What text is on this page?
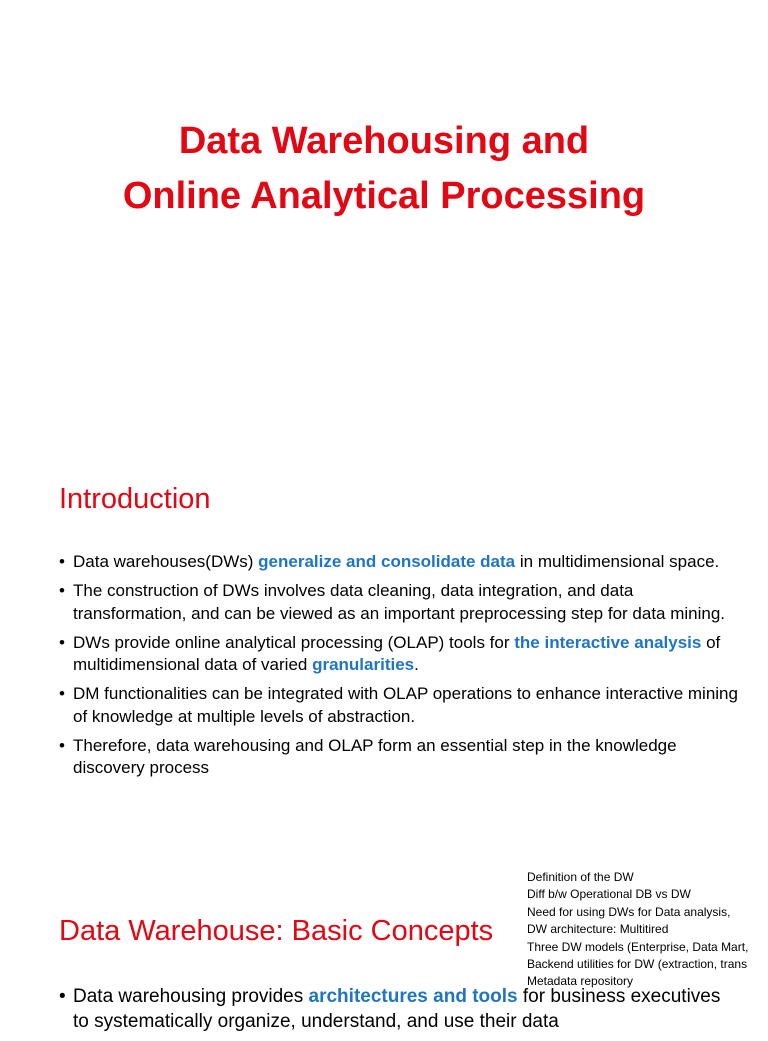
Data Warehousing and
Online Analytical Processing
Introduction
• Data warehouses(DWs) generalize and consolidate data in multidimensional space.
• The construction of DWs involves data cleaning, data integration, and data transformation, and can be viewed as an important preprocessing step for data mining.
• DWs provide online analytical processing (OLAP) tools for the interactive analysis of multidimensional data of varied granularities.
• DM functionalities can be integrated with OLAP operations to enhance interactive mining of knowledge at multiple levels of abstraction.
• Therefore, data warehousing and OLAP form an essential step in the knowledge discovery process
Data Warehouse: Basic Concepts
Definition of the DW
Diff b/w Operational DB vs DW
Need for using DWs for Data analysis,
DW architecture: Multitired
Three DW models (Enterprise, Data Mart,
Backend utilities for DW (extraction, trans
Metadata repository
• Data warehousing provides architectures and tools for business executives to systematically organize, understand, and use their data
